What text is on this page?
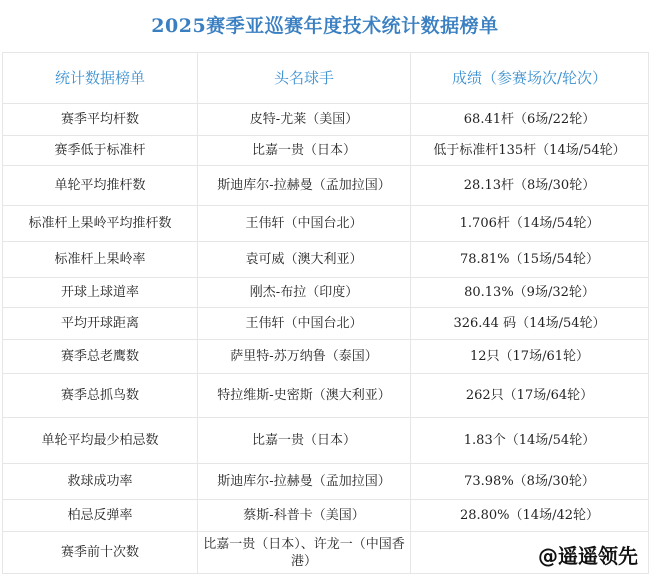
2025赛季亚巡赛年度技术统计数据榜单
统计数据榜单	头名球手	成绩（参赛场次/轮次）
赛季平均杆数	皮特-尤莱（美国）	68.41杆（6场/22轮）
赛季低于标准杆	比嘉一贵（日本）	低于标准杆135杆（14场/54轮）
单轮平均推杆数	斯迪库尔-拉赫曼（孟加拉国）	28.13杆（8场/30轮）
标准杆上果岭平均推杆数	王伟轩（中国台北）	1.706杆（14场/54轮）
标准杆上果岭率	袁可威（澳大利亚）	78.81%（15场/54轮）
开球上球道率	刚杰-布拉（印度）	80.13%（9场/32轮）
平均开球距离	王伟轩（中国台北）	326.44 码（14场/54轮）
赛季总老鹰数	萨里特-苏万纳鲁（泰国）	12只（17场/61轮）
赛季总抓鸟数	特拉维斯-史密斯（澳大利亚）	262只（17场/64轮）
单轮平均最少柏忌数	比嘉一贵（日本）	1.83个（14场/54轮）
救球成功率	斯迪库尔-拉赫曼（孟加拉国）	73.98%（8场/30轮）
柏忌反弹率	蔡斯-科普卡（美国）	28.80%（14场/42轮）
赛季前十次数	比嘉一贵（日本）、许龙一（中国香港）		@遥遥领先
